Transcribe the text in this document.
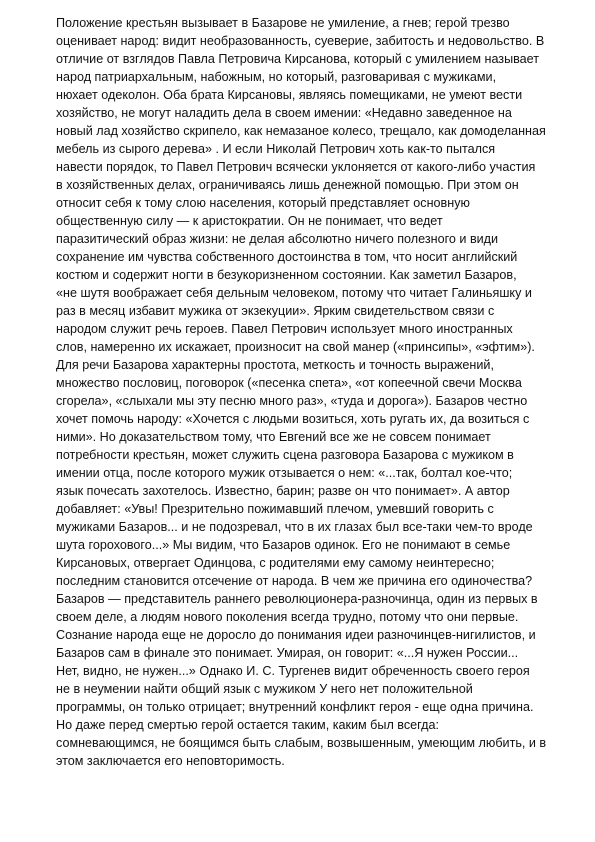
Положение крестьян вызывает в Базарове не умиление, а гнев; герой трезво
оценивает народ: видит необразованность, суеверие, забитость и недовольство. В
отличие от взглядов Павла Петровича Кирсанова, который с умилением называет
народ патриархальным, набожным, но который, разговаривая с мужиками,
нюхает одеколон. Оба брата Кирсановы, являясь помещиками, не умеют вести
хозяйство, не могут наладить дела в своем имении: «Недавно заведенное на
новый лад хозяйство скрипело, как немазаное колесо, трещало, как домоделанная
мебель из сырого дерева» . И если Николай Петрович хоть как-то пытался
навести порядок, то Павел Петрович всячески уклоняется от какого-либо участия
в хозяйственных делах, ограничиваясь лишь денежной помощью. При этом он
относит себя к тому слою населения, который представляет основную
общественную силу — к аристократии. Он не понимает, что ведет
паразитический образ жизни: не делая абсолютно ничего полезного и види
сохранение им чувства собственного достоинства в том, что носит английский
костюм и содержит ногти в безукоризненном состоянии. Как заметил Базаров,
«не шутя воображает себя дельным человеком, потому что читает Галиньяшку и
раз в месяц избавит мужика от экзекуции». Ярким свидетельством связи с
народом служит речь героев. Павел Петрович использует много иностранных
слов, намеренно их искажает, произносит на свой манер («принсипы», «эфтим»).
Для речи Базарова характерны простота, меткость и точность выражений,
множество пословиц, поговорок («песенка спета», «от копеечной свечи Москва
сгорела», «слыхали мы эту песню много раз», «туда и дорога»). Базаров честно
хочет помочь народу: «Хочется с людьми возиться, хоть ругать их, да возиться с
ними». Но доказательством тому, что Евгений все же не совсем понимает
потребности крестьян, может служить сцена разговора Базарова с мужиком в
имении отца, после которого мужик отзывается о нем: «...так, болтал кое-что;
язык почесать захотелось. Известно, барин; разве он что понимает». А автор
добавляет: «Увы! Презрительно пожимавший плечом, умевший говорить с
мужиками Базаров... и не подозревал, что в их глазах был все-таки чем-то вроде
шута горохового...» Мы видим, что Базаров одинок. Его не понимают в семье
Кирсановых, отвергает Одинцова, с родителями ему самому неинтересно;
последним становится отсечение от народа. В чем же причина его одиночества?
Базаров — представитель раннего революционера-разночинца, один из первых в
своем деле, а людям нового поколения всегда трудно, потому что они первые.
Сознание народа еще не доросло до понимания идеи разночинцев-нигилистов, и
Базаров сам в финале это понимает. Умирая, он говорит: «...Я нужен России...
Нет, видно, не нужен...» Однако И. С. Тургенев видит обреченность своего героя
не в неумении найти общий язык с мужиком У него нет положительной
программы, он только отрицает; внутренний конфликт героя - еще одна причина.
Но даже перед смертью герой остается таким, каким был всегда:
сомневающимся, не боящимся быть слабым, возвышенным, умеющим любить, и в
этом заключается его неповторимость.
